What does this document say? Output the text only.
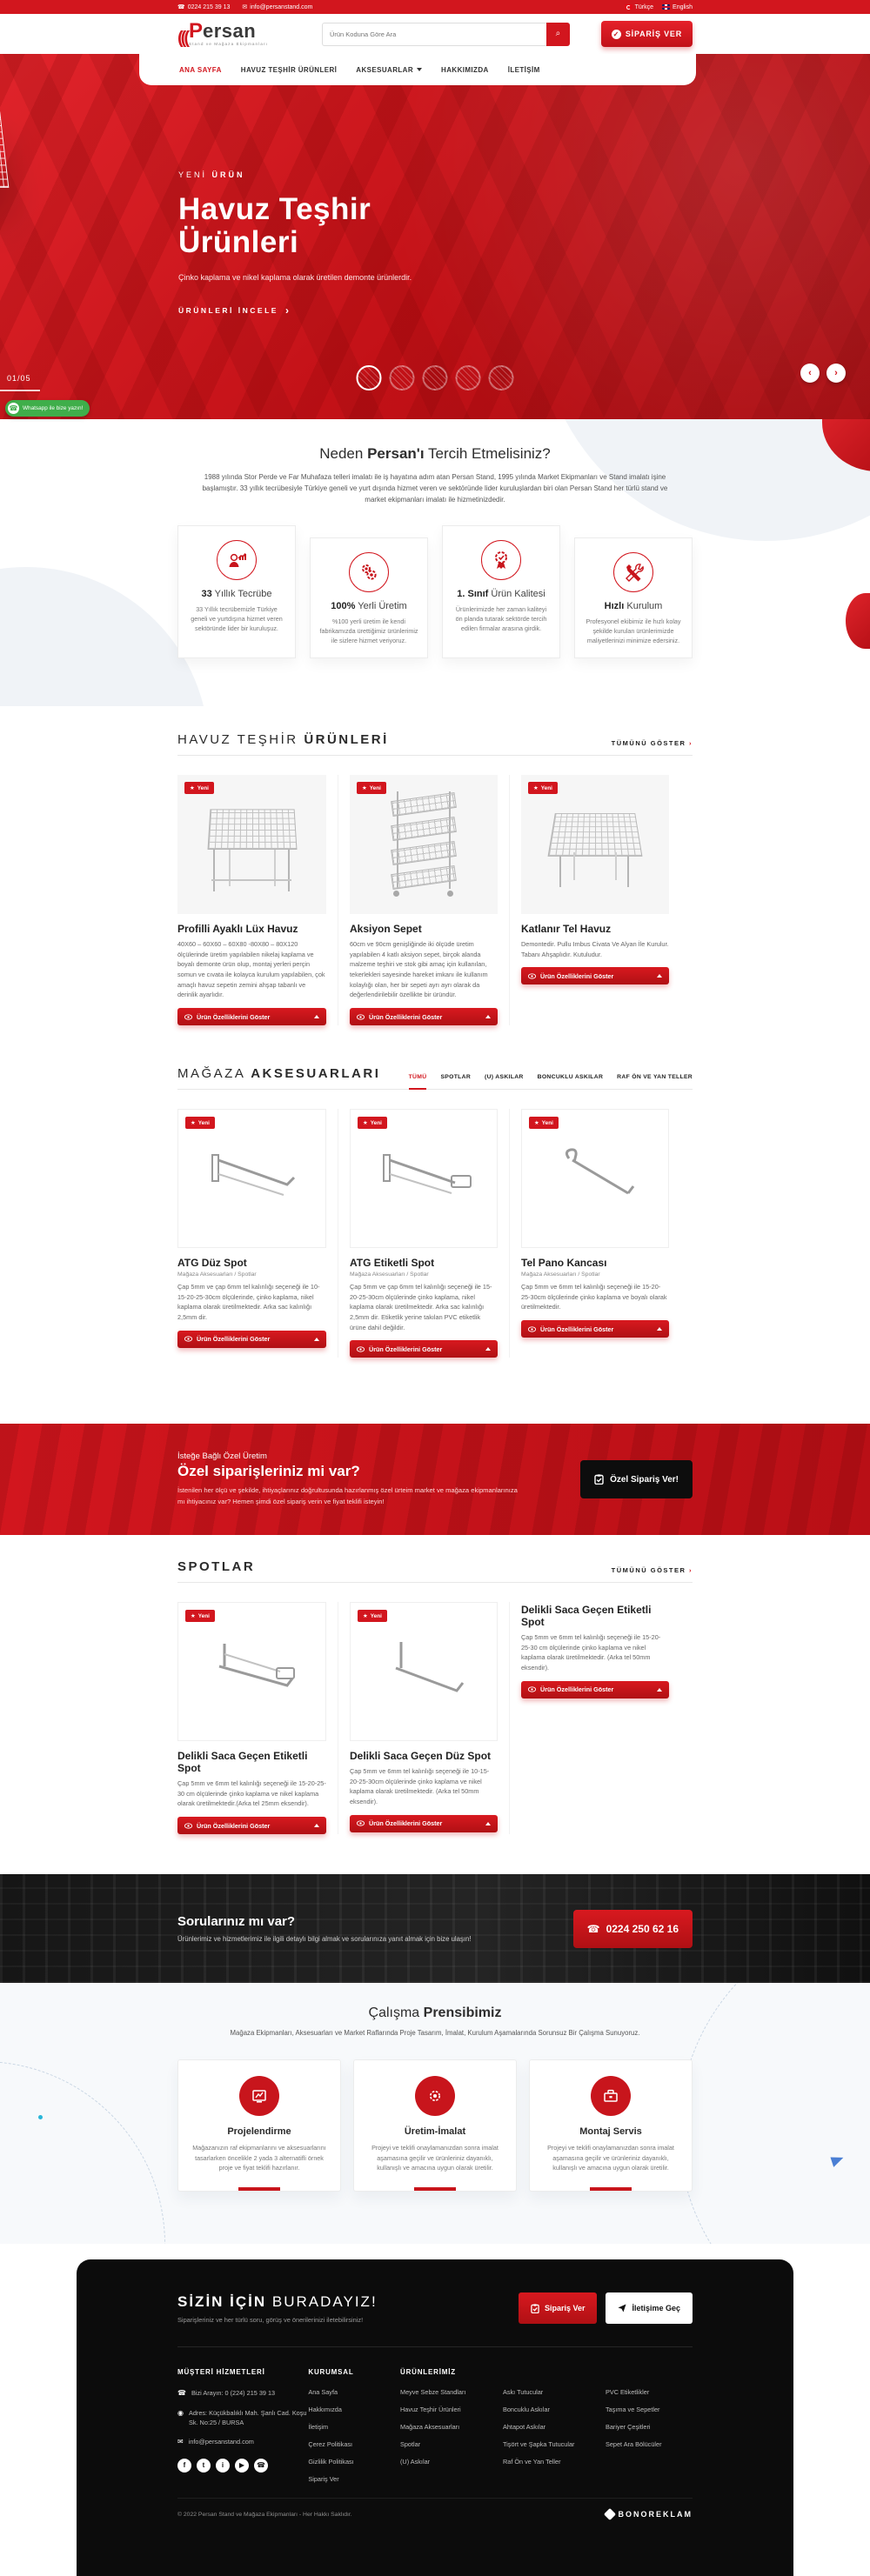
☎ 0224 215 39 13 ✉ info@persanstand.com	Türkçe	English
((( Persan
Stand ve Mağaza Ekipmanları
Ürün Koduna Göre Ara
⌕	✓ SİPARİŞ VER
ANA SAYFA	HAVUZ TEŞHİR ÜRÜNLERİ	AKSESUARLAR	HAKKIMIZDA	İLETİŞİM
YENİ ÜRÜN
Havuz Teşhir
Ürünleri
Çinko kaplama ve nikel kaplama olarak üretilen demonte ürünlerdir.
ÜRÜNLERİ İNCELE
›
‹	›
01/05
☎ Whatsapp ile bize yazın!
Neden Persan'ı Tercih Etmelisiniz?
1988 yılında Stor Perde ve Far Muhafaza telleri imalatı ile iş hayatına adım atan Persan Stand, 1995 yılında Market Ekipmanları ve Stand imalatı işine başlamıştır. 33 yıllık tecrübesiyle Türkiye geneli ve yurt dışında hizmet veren ve sektöründe lider kuruluşlardan biri olan Persan Stand her türlü stand ve market ekipmanları imalatı ile hizmetinizdedir.
33 Yıllık Tecrübe
33 Yıllık tecrübemizle Türkiye geneli ve yurtdışına hizmet veren sektöründe lider bir kuruluşuz.
100% Yerli Üretim
%100 yerli üretim ile kendi fabrikamızda ürettiğimiz ürünlerimiz ile sizlere hizmet veriyoruz.
1. Sınıf Ürün Kalitesi
Ürünlerimizde her zaman kaliteyi ön planda tutarak sektörde tercih edilen firmalar arasına girdik.
Hızlı Kurulum
Profesyonel ekibimiz ile hızlı kolay şekilde kurulan ürünlerimizde maliyetlerinizi minimize edersiniz.
HAVUZ TEŞHİR ÜRÜNLERİ	TÜMÜNÜ GÖSTER ›
★ Yeni
Profilli Ayaklı Lüx Havuz
40X60 – 60X60 – 60X80 -80X80 – 80X120 ölçülerinde üretim yapılabilen nikelaj kaplama ve boyalı demonte ürün olup, montaj yerleri perçin somun ve cıvata ile kolayca kurulum yapılabilen, çok amaçlı havuz sepetin zemini ahşap tabanlı ve derinlik ayarlıdır.
Ürün Özelliklerini Göster
★ Yeni
Aksiyon Sepet
60cm ve 90cm genişliğinde iki ölçüde üretim yapılabilen 4 katlı aksiyon sepet, birçok alanda malzeme teşhiri ve stok gibi amaç için kullanılan, tekerlekleri sayesinde hareket imkanı ile kullanım kolaylığı olan, her bir sepeti ayrı ayrı olarak da değerlendirilebilir özellikte bir üründür.
Ürün Özelliklerini Göster
★ Yeni
Katlanır Tel Havuz
Demontedir. Pullu Imbus Civata Ve Alyan İle Kurulur. Tabanı Ahşaplıdır. Kutuludur.
Ürün Özelliklerini Göster
MAĞAZA AKSESUARLARI	TÜMÜ SPOTLAR (U) ASKILAR BONCUKLU ASKILAR RAF ÖN VE YAN TELLER
★ Yeni
ATG Düz Spot
Mağaza Aksesuarları / Spotlar
Çap 5mm ve çap 6mm tel kalınlığı seçeneği ile 10-15-20-25-30cm ölçülerinde, çinko kaplama, nikel kaplama olarak üretilmektedir. Arka sac kalınlığı 2,5mm dir.
Ürün Özelliklerini Göster
★ Yeni
ATG Etiketli Spot
Mağaza Aksesuarları / Spotlar
Çap 5mm ve çap 6mm tel kalınlığı seçeneği ile 15-20-25-30cm ölçülerinde çinko kaplama, nikel kaplama olarak üretilmektedir. Arka sac kalınlığı 2,5mm dir. Etiketlik yerine takılan PVC etiketlik ürüne dahil değildir.
Ürün Özelliklerini Göster
★ Yeni
Tel Pano Kancası
Mağaza Aksesuarları / Spotlar
Çap 5mm ve 6mm tel kalınlığı seçeneği ile 15-20-25-30cm ölçülerinde çinko kaplama ve boyalı olarak üretilmektedir.
Ürün Özelliklerini Göster
İsteğe Bağlı Özel Üretim
Özel siparişleriniz mi var?
İstenilen her ölçü ve şekilde, ihtiyaçlarınız doğrultusunda hazırlanmış özel ürteim market ve mağaza ekipmanlarınıza mı ihtiyacınız var? Hemen şimdi özel sipariş verin ve fiyat teklifi isteyin!
Özel Sipariş Ver!
SPOTLAR	TÜMÜNÜ GÖSTER ›
★ Yeni
Delikli Saca Geçen Etiketli Spot
Çap 5mm ve 6mm tel kalınlığı seçeneği ile 15-20-25-30 cm ölçülerinde çinko kaplama ve nikel kaplama olarak üretilmektedir.(Arka tel 25mm eksendir).
Ürün Özelliklerini Göster
★ Yeni
Delikli Saca Geçen Düz Spot
Çap 5mm ve 6mm tel kalınlığı seçeneği ile 10-15-20-25-30cm ölçülerinde çinko kaplama ve nikel kaplama olarak üretilmektedir. (Arka tel 50mm eksendir).
Ürün Özelliklerini Göster
Delikli Saca Geçen Etiketli Spot
Çap 5mm ve 6mm tel kalınlığı seçeneği ile 15-20-25-30 cm ölçülerinde çinko kaplama ve nikel kaplama olarak üretilmektedir. (Arka tel 50mm eksendir).
Ürün Özelliklerini Göster
Sorularınız mı var?
Ürünlerimiz ve hizmetlerimiz ile ilgili detaylı bilgi almak ve sorularınıza yanıt almak için bize ulaşın!
☎ 0224 250 62 16
Çalışma Prensibimiz
Mağaza Ekipmanları, Aksesuarları ve Market Raflarında Proje Tasarım, İmalat, Kurulum Aşamalarında Sorunsuz Bir Çalışma Sunuyoruz.
Projelendirme
Mağazanızın raf ekipmanlarını ve aksesuarlarını tasarlarken öncelikle 2 yada 3 alternatifli örnek proje ve fiyat teklifi hazırlanır.
Üretim-İmalat
Projeyi ve teklifi onaylamanızdan sonra imalat aşamasına geçilir ve ürünleriniz dayanıklı, kullanışlı ve amacına uygun olarak üretilir.
Montaj Servis
Projeyi ve teklifi onaylamanızdan sonra imalat aşamasına geçilir ve ürünleriniz dayanıklı, kullanışlı ve amacına uygun olarak üretilir.
SİZİN İÇİN BURADAYIZ!
Siparişleriniz ve her türlü soru, görüş ve önerilerinizi iletebilirsiniz!
Sipariş Ver	İletişime Geç
MÜŞTERİ HİZMETLERİ
☎ Bizi Arayın: 0 (224) 215 39 13
◉ Adres: Küçükbalıklı Mah. Şanlı Cad. Koşu Sk. No:25 / BURSA
✉ info@persanstand.com
f	t	i	▶	☎
KURUMSAL
Ana Sayfa
Hakkımızda
İletişim
Çerez Politikası
Gizlilik Politikası
Sipariş Ver
ÜRÜNLERİMİZ
Meyve Sebze Standları
Havuz Teşhir Ürünleri
Mağaza Aksesuarları
Spotlar
(U) Askılar
Askı Tutucular
Boncuklu Askılar
Ahtapot Askılar
Tişört ve Şapka Tutucular
Raf Ön ve Yan Teller
PVC Etiketlikler
Taşıma ve Sepetler
Bariyer Çeşitleri
Sepet Ara Bölücüler
© 2022 Persan Stand ve Mağaza Ekipmanları - Her Hakkı Saklıdır.	BONOREKLAM
